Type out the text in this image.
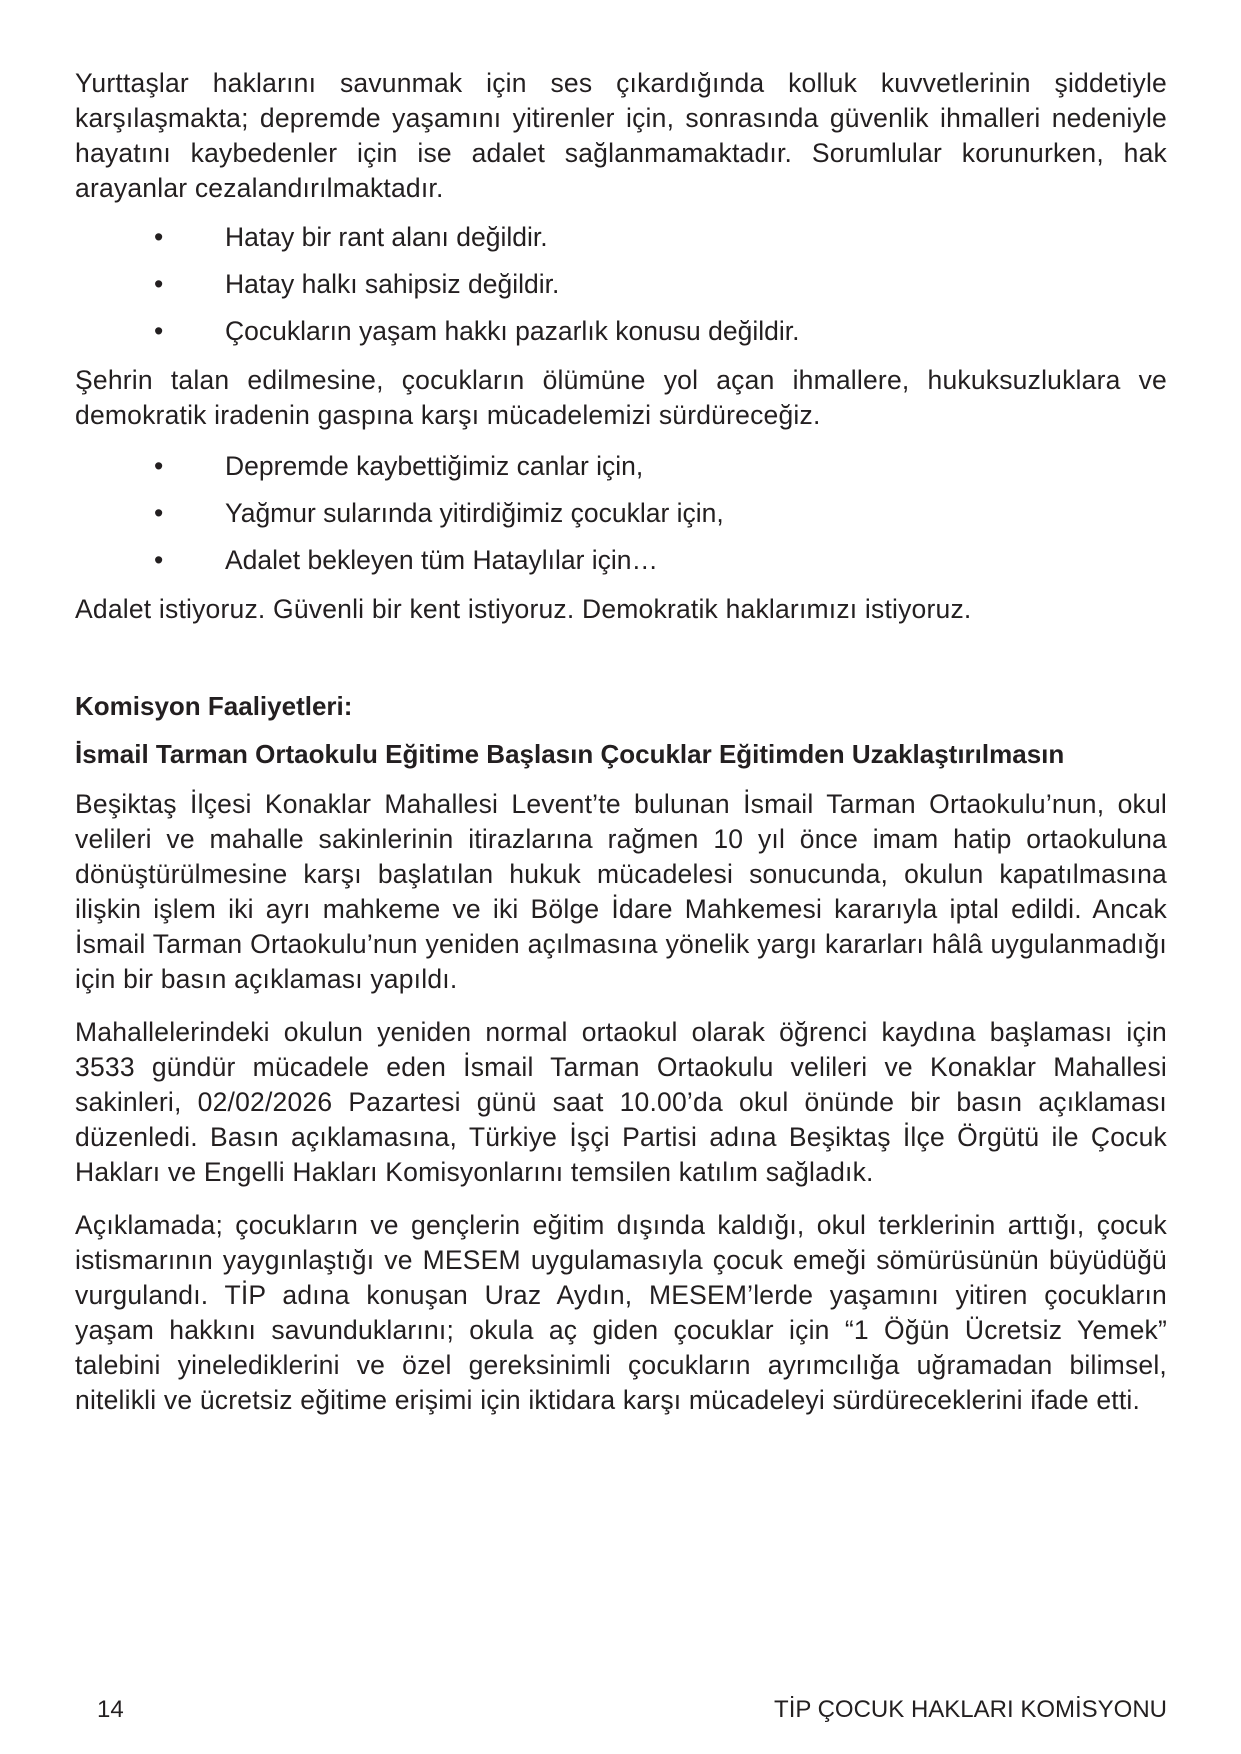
Yurttaşlar haklarını savunmak için ses çıkardığında kolluk kuvvetlerinin şiddetiyle karşılaşmakta; depremde yaşamını yitirenler için, sonrasında güvenlik ihmalleri nedeniyle hayatını kaybedenler için ise adalet sağlanmamaktadır. Sorumlular korunurken, hak arayanlar cezalandırılmaktadır.

• Hatay bir rant alanı değildir.
• Hatay halkı sahipsiz değildir.
• Çocukların yaşam hakkı pazarlık konusu değildir.

Şehrin talan edilmesine, çocukların ölümüne yol açan ihmallere, hukuksuzluklara ve demokratik iradenin gaspına karşı mücadelemizi sürdüreceğiz.

• Depremde kaybettiğimiz canlar için,
• Yağmur sularında yitirdiğimiz çocuklar için,
• Adalet bekleyen tüm Hataylılar için…

Adalet istiyoruz. Güvenli bir kent istiyoruz. Demokratik haklarımızı istiyoruz.

Komisyon Faaliyetleri:
İsmail Tarman Ortaokulu Eğitime Başlasın Çocuklar Eğitimden Uzaklaştırılmasın

Beşiktaş İlçesi Konaklar Mahallesi Levent’te bulunan İsmail Tarman Ortaokulu’nun, okul velileri ve mahalle sakinlerinin itirazlarına rağmen 10 yıl önce imam hatip ortaokuluna dönüştürülmesine karşı başlatılan hukuk mücadelesi sonucunda, okulun kapatılmasına ilişkin işlem iki ayrı mahkeme ve iki Bölge İdare Mahkemesi kararıyla iptal edildi. Ancak İsmail Tarman Ortaokulu’nun yeniden açılmasına yönelik yargı kararları hâlâ uygulanmadığı için bir basın açıklaması yapıldı.

Mahallelerindeki okulun yeniden normal ortaokul olarak öğrenci kaydına başlaması için 3533 gündür mücadele eden İsmail Tarman Ortaokulu velileri ve Konaklar Mahallesi sakinleri, 02/02/2026 Pazartesi günü saat 10.00’da okul önünde bir basın açıklaması düzenledi. Basın açıklamasına, Türkiye İşçi Partisi adına Beşiktaş İlçe Örgütü ile Çocuk Hakları ve Engelli Hakları Komisyonlarını temsilen katılım sağladık.

Açıklamada; çocukların ve gençlerin eğitim dışında kaldığı, okul terklerinin arttığı, çocuk istismarının yaygınlaştığı ve MESEM uygulamasıyla çocuk emeği sömürüsünün büyüdüğü vurgulandı. TİP adına konuşan Uraz Aydın, MESEM’lerde yaşamını yitiren çocukların yaşam hakkını savunduklarını; okula aç giden çocuklar için “1 Öğün Ücretsiz Yemek” talebini yinelediklerini ve özel gereksinimli çocukların ayrımcılığa uğramadan bilimsel, nitelikli ve ücretsiz eğitime erişimi için iktidara karşı mücadeleyi sürdüreceklerini ifade etti.

14	TİP ÇOCUK HAKLARI KOMİSYONU
